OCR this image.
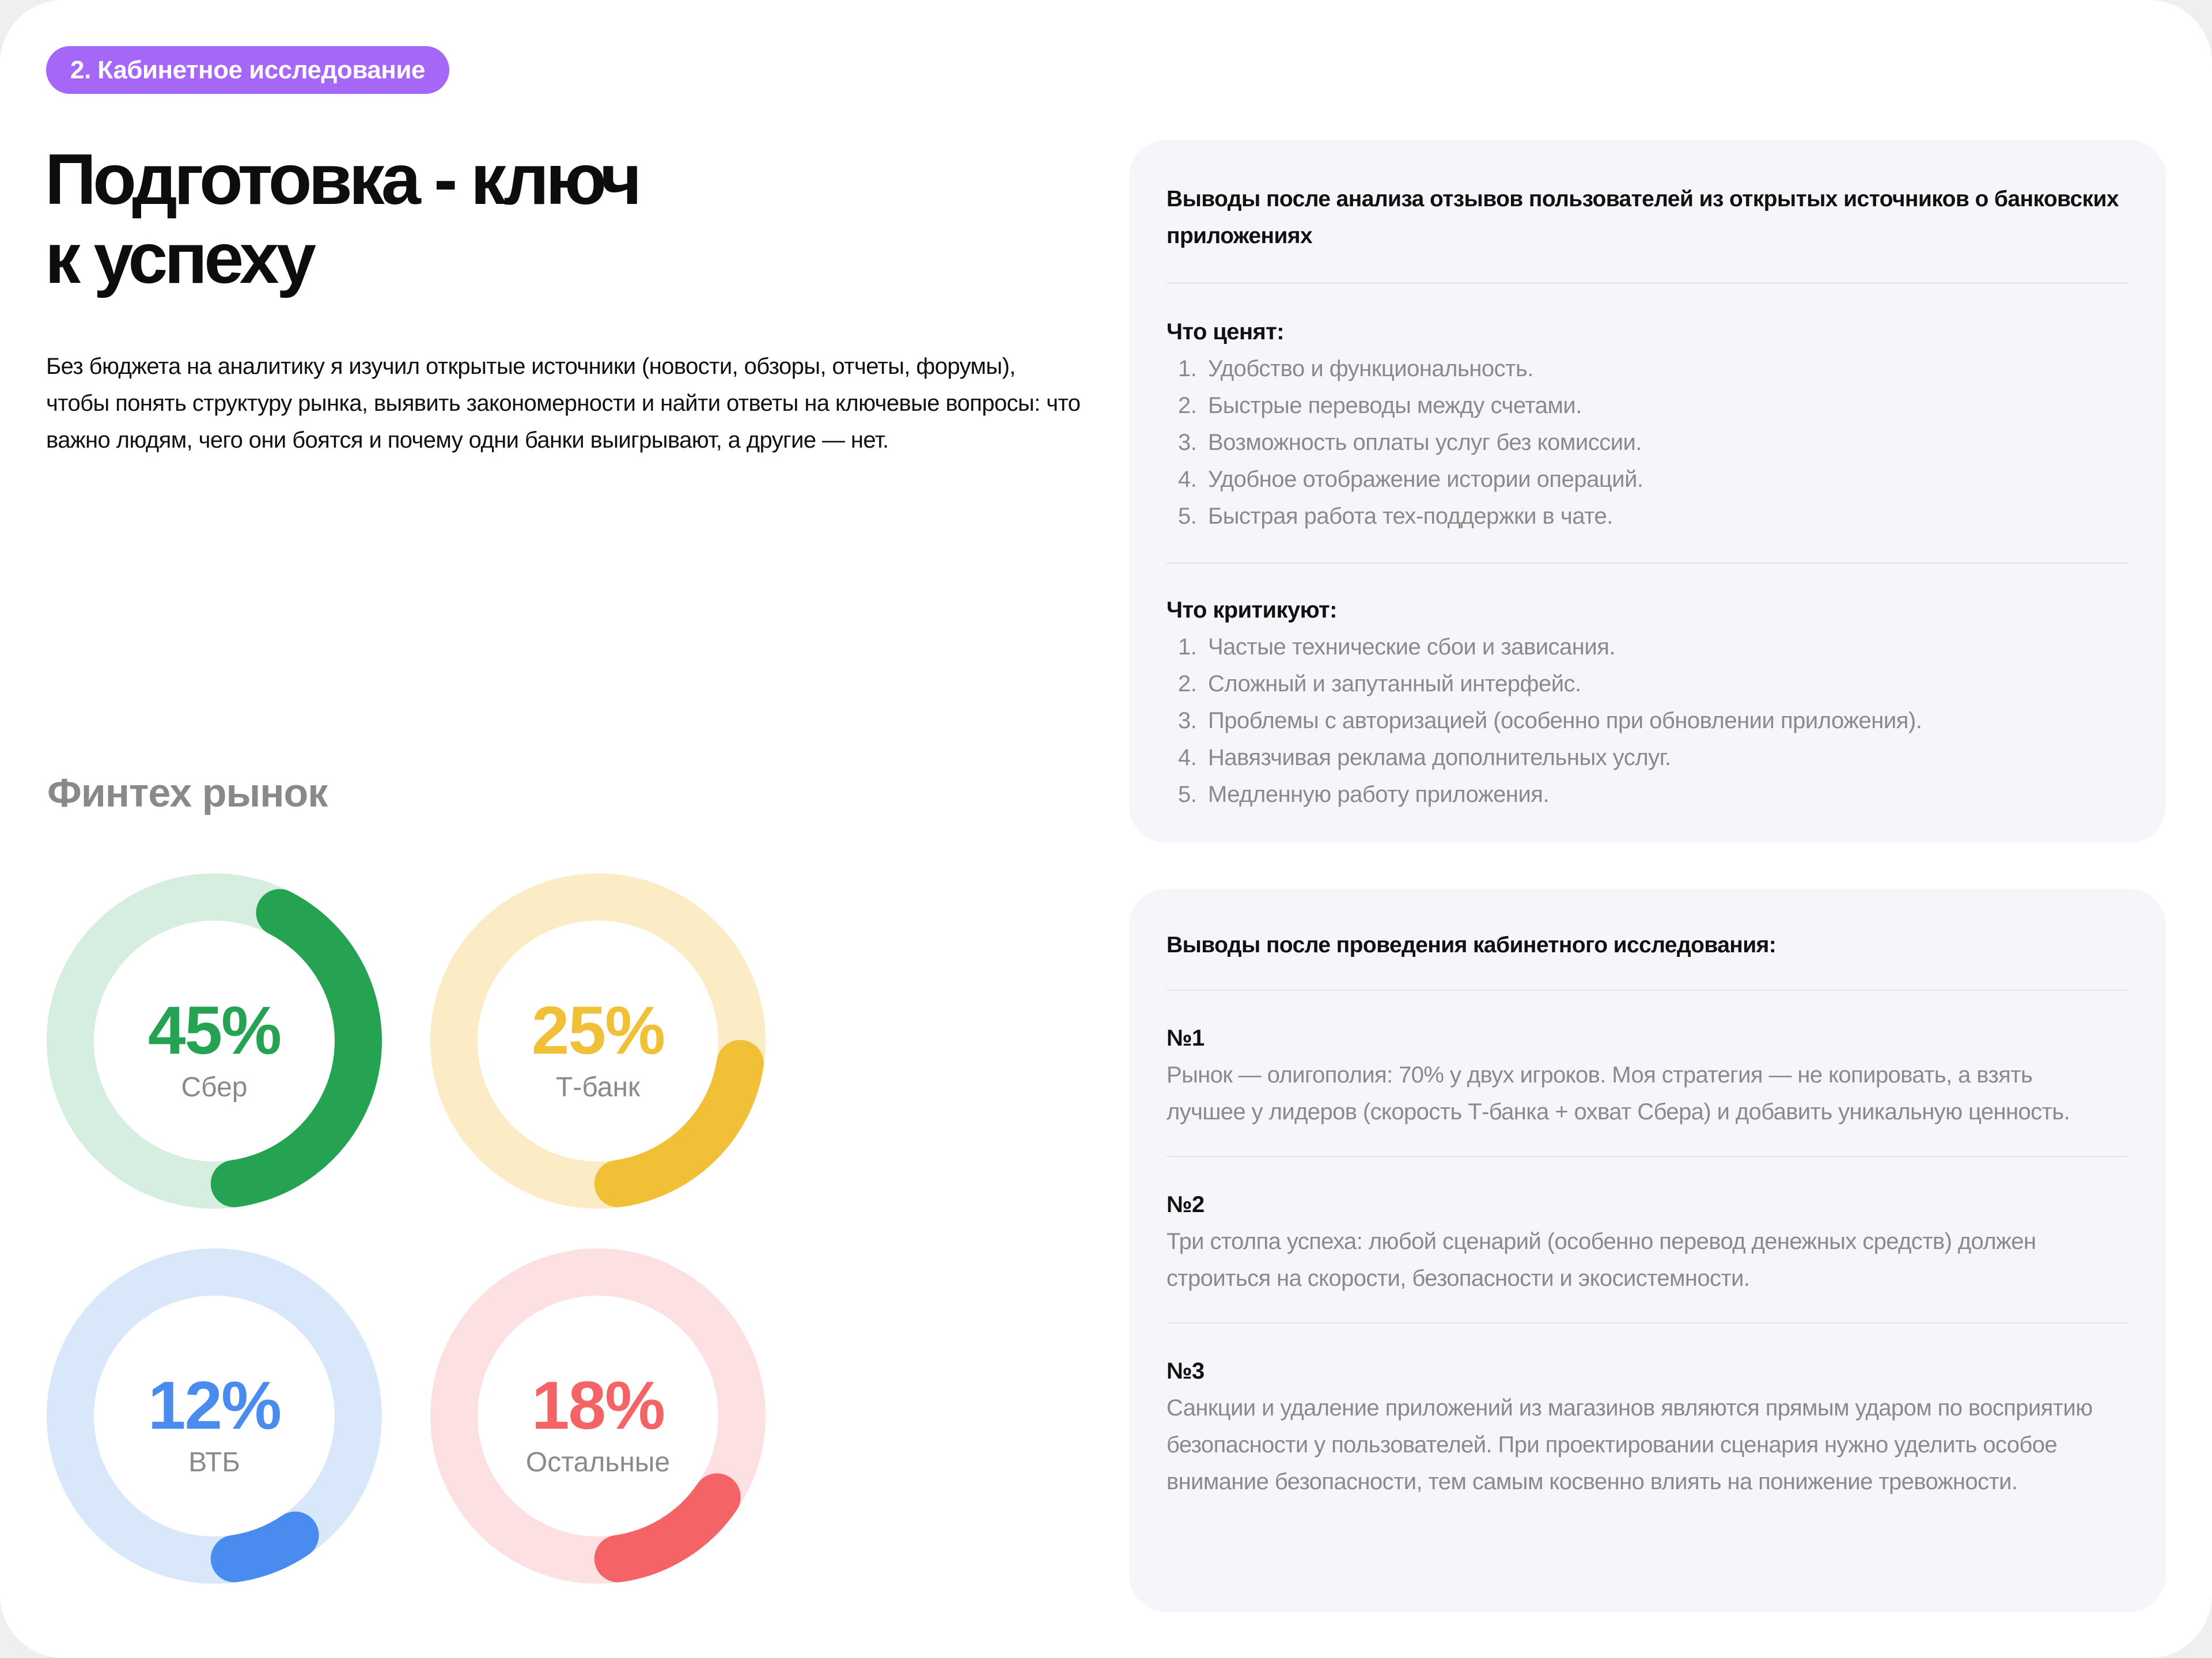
2. Кабинетное исследование
Подготовка - ключ
к успеху

Без бюджета на аналитику я изучил открытые источники (новости, обзоры, отчеты, форумы), чтобы понять структуру рынка, выявить закономерности и найти ответы на ключевые вопросы: что важно людям, чего они боятся и почему одни банки выигрывают, а другие — нет.

Финтех рынок
45%
Сбер
25%
Т-банк
12%
ВТБ
18%
Остальные
Выводы после анализа отзывов пользователей из открытых источников о банковских приложениях
Что ценят:
1. Удобство и функциональность.
2. Быстрые переводы между счетами.
3. Возможность оплаты услуг без комиссии.
4. Удобное отображение истории операций.
5. Быстрая работа тех-поддержки в чате.
Что критикуют:
1. Частые технические сбои и зависания.
2. Сложный и запутанный интерфейс.
3. Проблемы с авторизацией (особенно при обновлении приложения).
4. Навязчивая реклама дополнительных услуг.
5. Медленную работу приложения.
Выводы после проведения кабинетного исследования:
№1

Рынок — олигополия: 70% у двух игроков. Моя стратегия — не копировать, а взять лучшее у лидеров (скорость Т-банка + охват Сбера) и добавить уникальную ценность.

№2

Три столпа успеха: любой сценарий (особенно перевод денежных средств) должен строиться на скорости, безопасности и экосистемности.

№3

Санкции и удаление приложений из магазинов являются прямым ударом по восприятию безопасности у пользователей. При проектировании сценария нужно уделить особое внимание безопасности, тем самым косвенно влиять на понижение тревожности.
